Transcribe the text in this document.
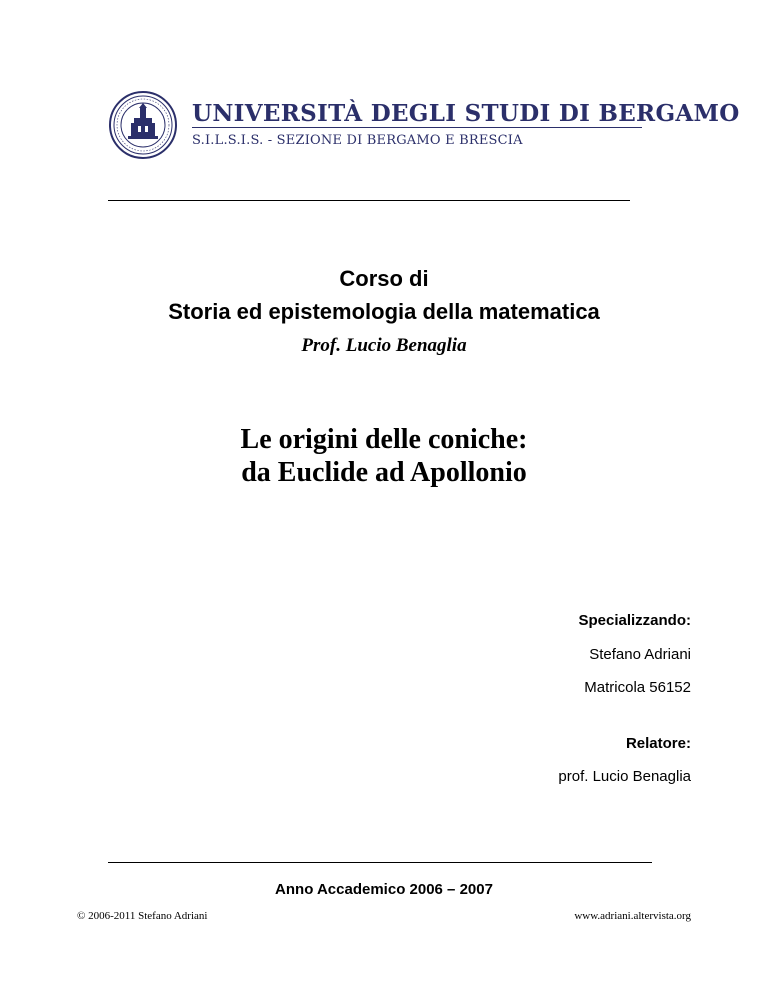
UNIVERSITÀ DEGLI STUDI DI BERGAMO
S.I.L.S.I.S. - SEZIONE DI BERGAMO E BRESCIA
Corso di
Storia ed epistemologia della matematica
Prof. Lucio Benaglia
Le origini delle coniche:
da Euclide ad Apollonio
Specializzando:
Stefano Adriani
Matricola 56152
Relatore:
prof. Lucio Benaglia
Anno Accademico 2006 – 2007
© 2006-2011 Stefano Adriani	www.adriani.altervista.org
